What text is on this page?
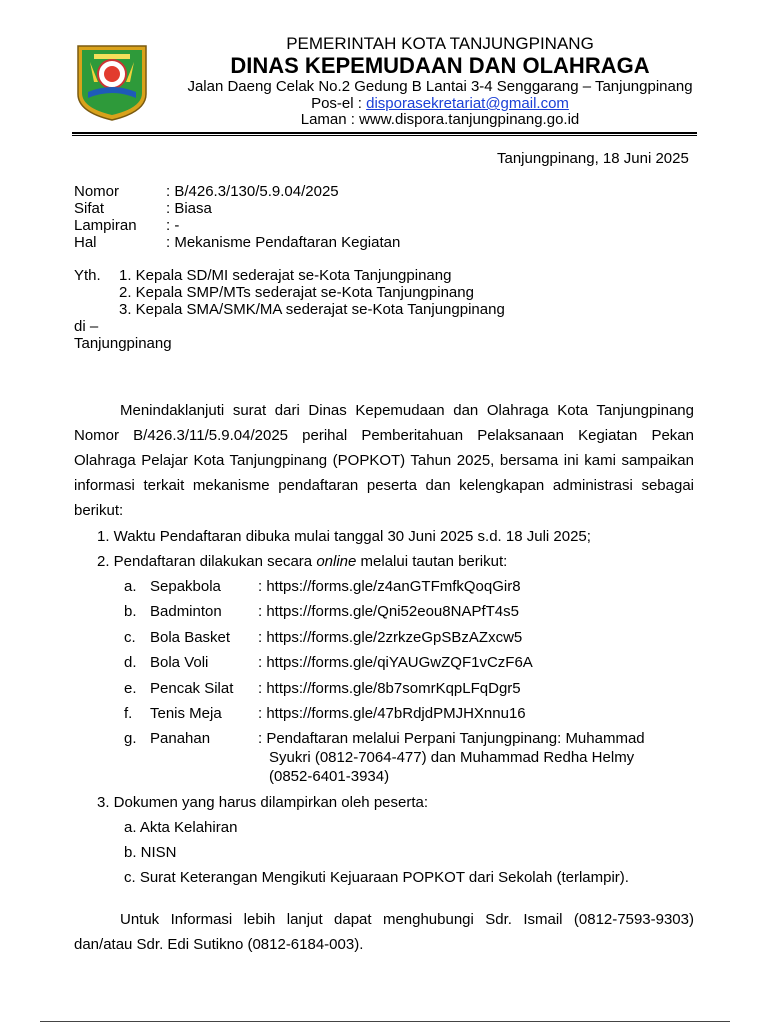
PEMERINTAH KOTA TANJUNGPINANG
DINAS KEPEMUDAAN DAN OLAHRAGA
Jalan Daeng Celak No.2 Gedung B Lantai 3-4 Senggarang – Tanjungpinang
Pos-el : disporasekretariat@gmail.com
Laman : www.dispora.tanjungpinang.go.id
Tanjungpinang, 18 Juni 2025
Nomor	: B/426.3/130/5.9.04/2025
Sifat	: Biasa
Lampiran : -
Hal	: Mekanisme Pendaftaran Kegiatan
Yth. 1. Kepala SD/MI sederajat se-Kota Tanjungpinang
2. Kepala SMP/MTs sederajat se-Kota Tanjungpinang
3. Kepala SMA/SMK/MA sederajat se-Kota Tanjungpinang
di –
Tanjungpinang
Menindaklanjuti surat dari Dinas Kepemudaan dan Olahraga Kota Tanjungpinang Nomor B/426.3/11/5.9.04/2025 perihal Pemberitahuan Pelaksanaan Kegiatan Pekan Olahraga Pelajar Kota Tanjungpinang (POPKOT) Tahun 2025, bersama ini kami sampaikan informasi terkait mekanisme pendaftaran peserta dan kelengkapan administrasi sebagai berikut:
1. Waktu Pendaftaran dibuka mulai tanggal 30 Juni 2025 s.d. 18 Juli 2025;
2. Pendaftaran dilakukan secara online melalui tautan berikut:
a. Sepakbola : https://forms.gle/z4anGTFmfkQoqGir8
b. Badminton : https://forms.gle/Qni52eou8NAPfT4s5
c. Bola Basket : https://forms.gle/2zrkzeGpSBzAZxcw5
d. Bola Voli	: https://forms.gle/qiYAUGwZQF1vCzF6A
e. Pencak Silat : https://forms.gle/8b7somrKqpLFqDgr5
f. Tenis Meja : https://forms.gle/47bRdjdPMJHXnnu16
g. Panahan	: Pendaftaran melalui Perpani Tanjungpinang: Muhammad
Syukri (0812-7064-477) dan Muhammad Redha Helmy
(0852-6401-3934)
3. Dokumen yang harus dilampirkan oleh peserta:
a. Akta Kelahiran
b. NISN
c. Surat Keterangan Mengikuti Kejuaraan POPKOT dari Sekolah (terlampir).
Untuk Informasi lebih lanjut dapat menghubungi Sdr. Ismail (0812-7593-9303) dan/atau Sdr. Edi Sutikno (0812-6184-003).
